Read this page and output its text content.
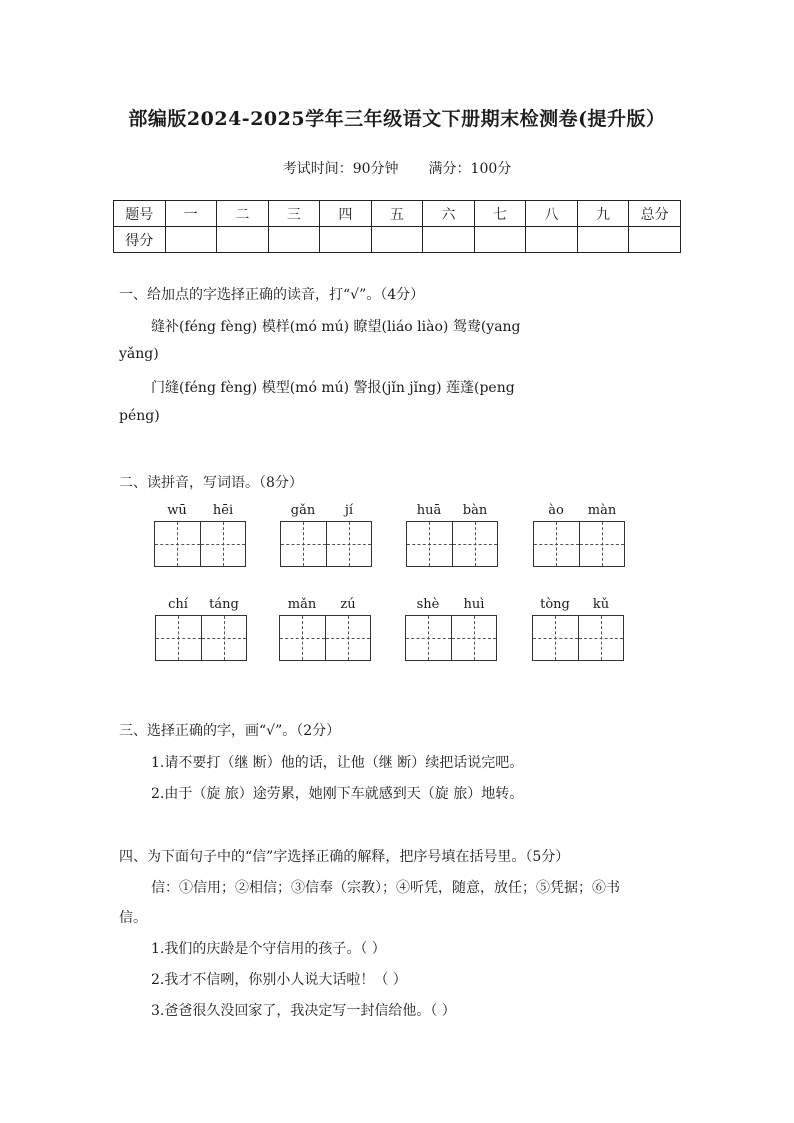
部编版2024-2025学年三年级语文下册期末检测卷(提升版）
考试时间：90分钟 满分：100分
题号	一	二	三	四	五	六	七	八	九	总分
得分										
一、给加点的字选择正确的读音，打“√”。（4分）
缝补(féng fèng) 模样(mó mú) 瞭望(liáo liào) 鸳鸯(yang
yǎng)
门缝(féng fèng) 模型(mó mú) 警报(jǐn jǐng) 莲蓬(peng
péng)
二、读拼音，写词语。（8分）
wū	hēi	gǎn	jí	huā	bàn	ào	màn
chí	táng	mǎn	zú	shè	huì	tòng	kǔ
三、选择正确的字，画“√”。（2分）
1.请不要打（继 断）他的话，让他（继 断）续把话说完吧。
2.由于（旋 旅）途劳累，她刚下车就感到天（旋 旅）地转。
四、为下面句子中的“信”字选择正确的解释，把序号填在括号里。（5分）
信：①信用；②相信；③信奉（宗教）；④听凭，随意，放任；⑤凭据；⑥书
信。
1.我们的庆龄是个守信用的孩子。（ ）
2.我才不信咧，你别小人说大话啦！（ ）
3.爸爸很久没回家了，我决定写一封信给他。（ ）
